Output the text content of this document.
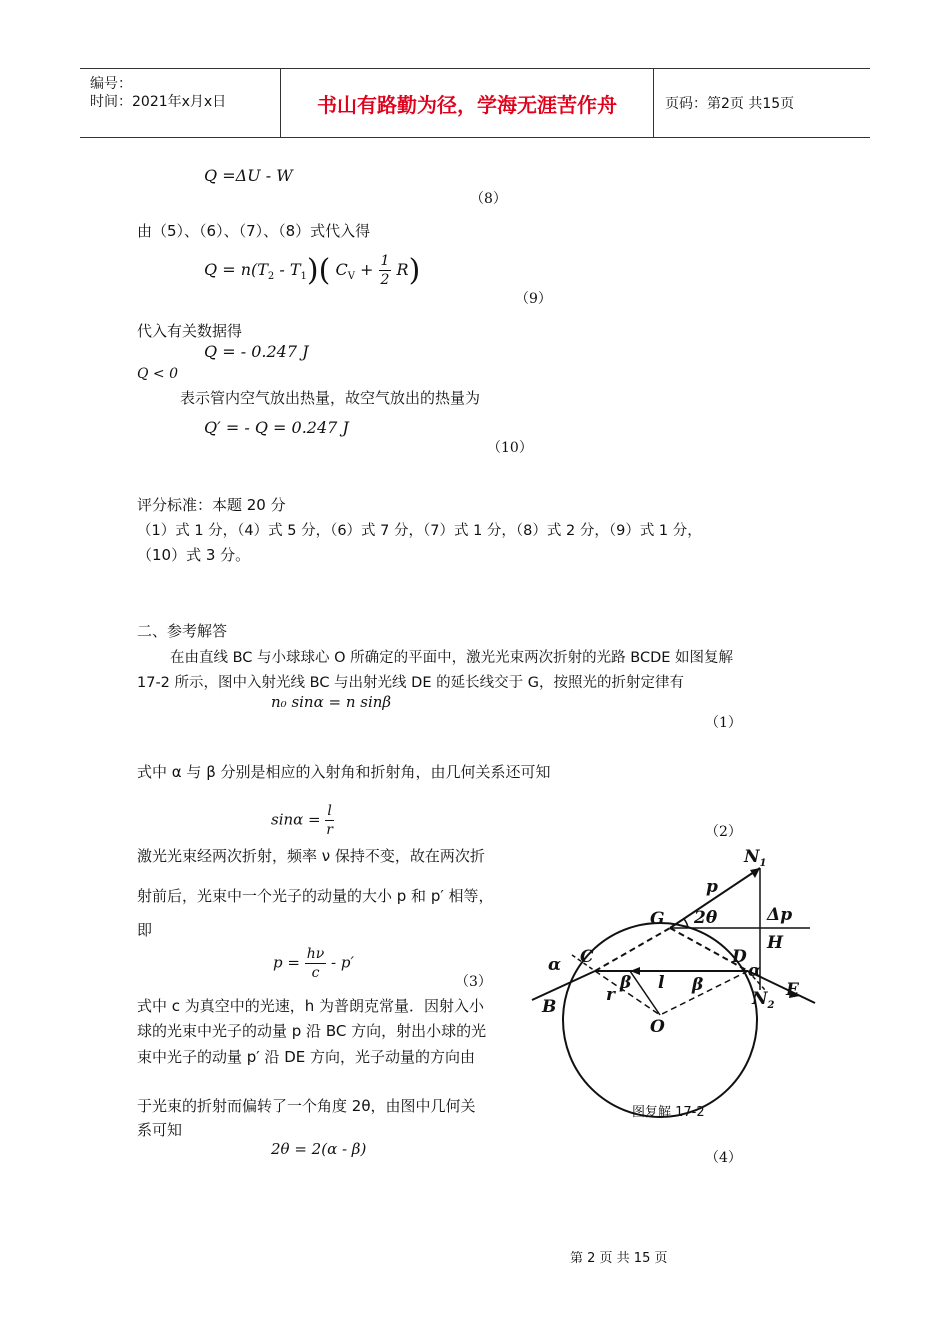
编号：
时间：2021年x月x日	书山有路勤为径，学海无涯苦作舟	页码：第2页 共15页
Q =ΔU - W
（8）
由（5）、（6）、（7）、（8）式代入得
$Q = n(T_2 - T_1)$( $C_V + \frac{1}{2} R$)
（9）
代入有关数据得
Q = - 0.247 J
Q < 0
表示管内空气放出热量，故空气放出的热量为
Q′ = - Q = 0.247 J
（10）
评分标准：本题 20 分
（1）式 1 分，（4）式 5 分，（6）式 7 分，（7）式 1 分，（8）式 2 分，（9）式 1 分，
（10）式 3 分。
二、参考解答
在由直线 BC 与小球球心 O 所确定的平面中，激光光束两次折射的光路 BCDE 如图复解
17-2 所示，图中入射光线 BC 与出射光线 DE 的延长线交于 G，按照光的折射定律有
n₀ sinα = n sinβ
（1）
式中 α 与 β 分别是相应的入射角和折射角，由几何关系还可知
$\sin\alpha = \frac{l}{r}$	（2）
激光光束经两次折射，频率 ν 保持不变，故在两次折
射前后，光束中一个光子的动量的大小 p 和 p′ 相等，
即
$p = \frac{h\nu}{c} - p'$
（3）
式中 c 为真空中的光速，h 为普朗克常量．因射入小
球的光束中光子的动量 p 沿 BC 方向，射出小球的光
束中光子的动量 p′ 沿 DE 方向，光子动量的方向由
于光束的折射而偏转了一个角度 2θ，由图中几何关
系可知
2θ = 2(α - β)	（4）
$N_1$
p
Δp
G 2θ
H
C	D
α	α
β	β
r
l	E
$N_2$
B
O
图复解 17-2
第 2 页 共 15 页
